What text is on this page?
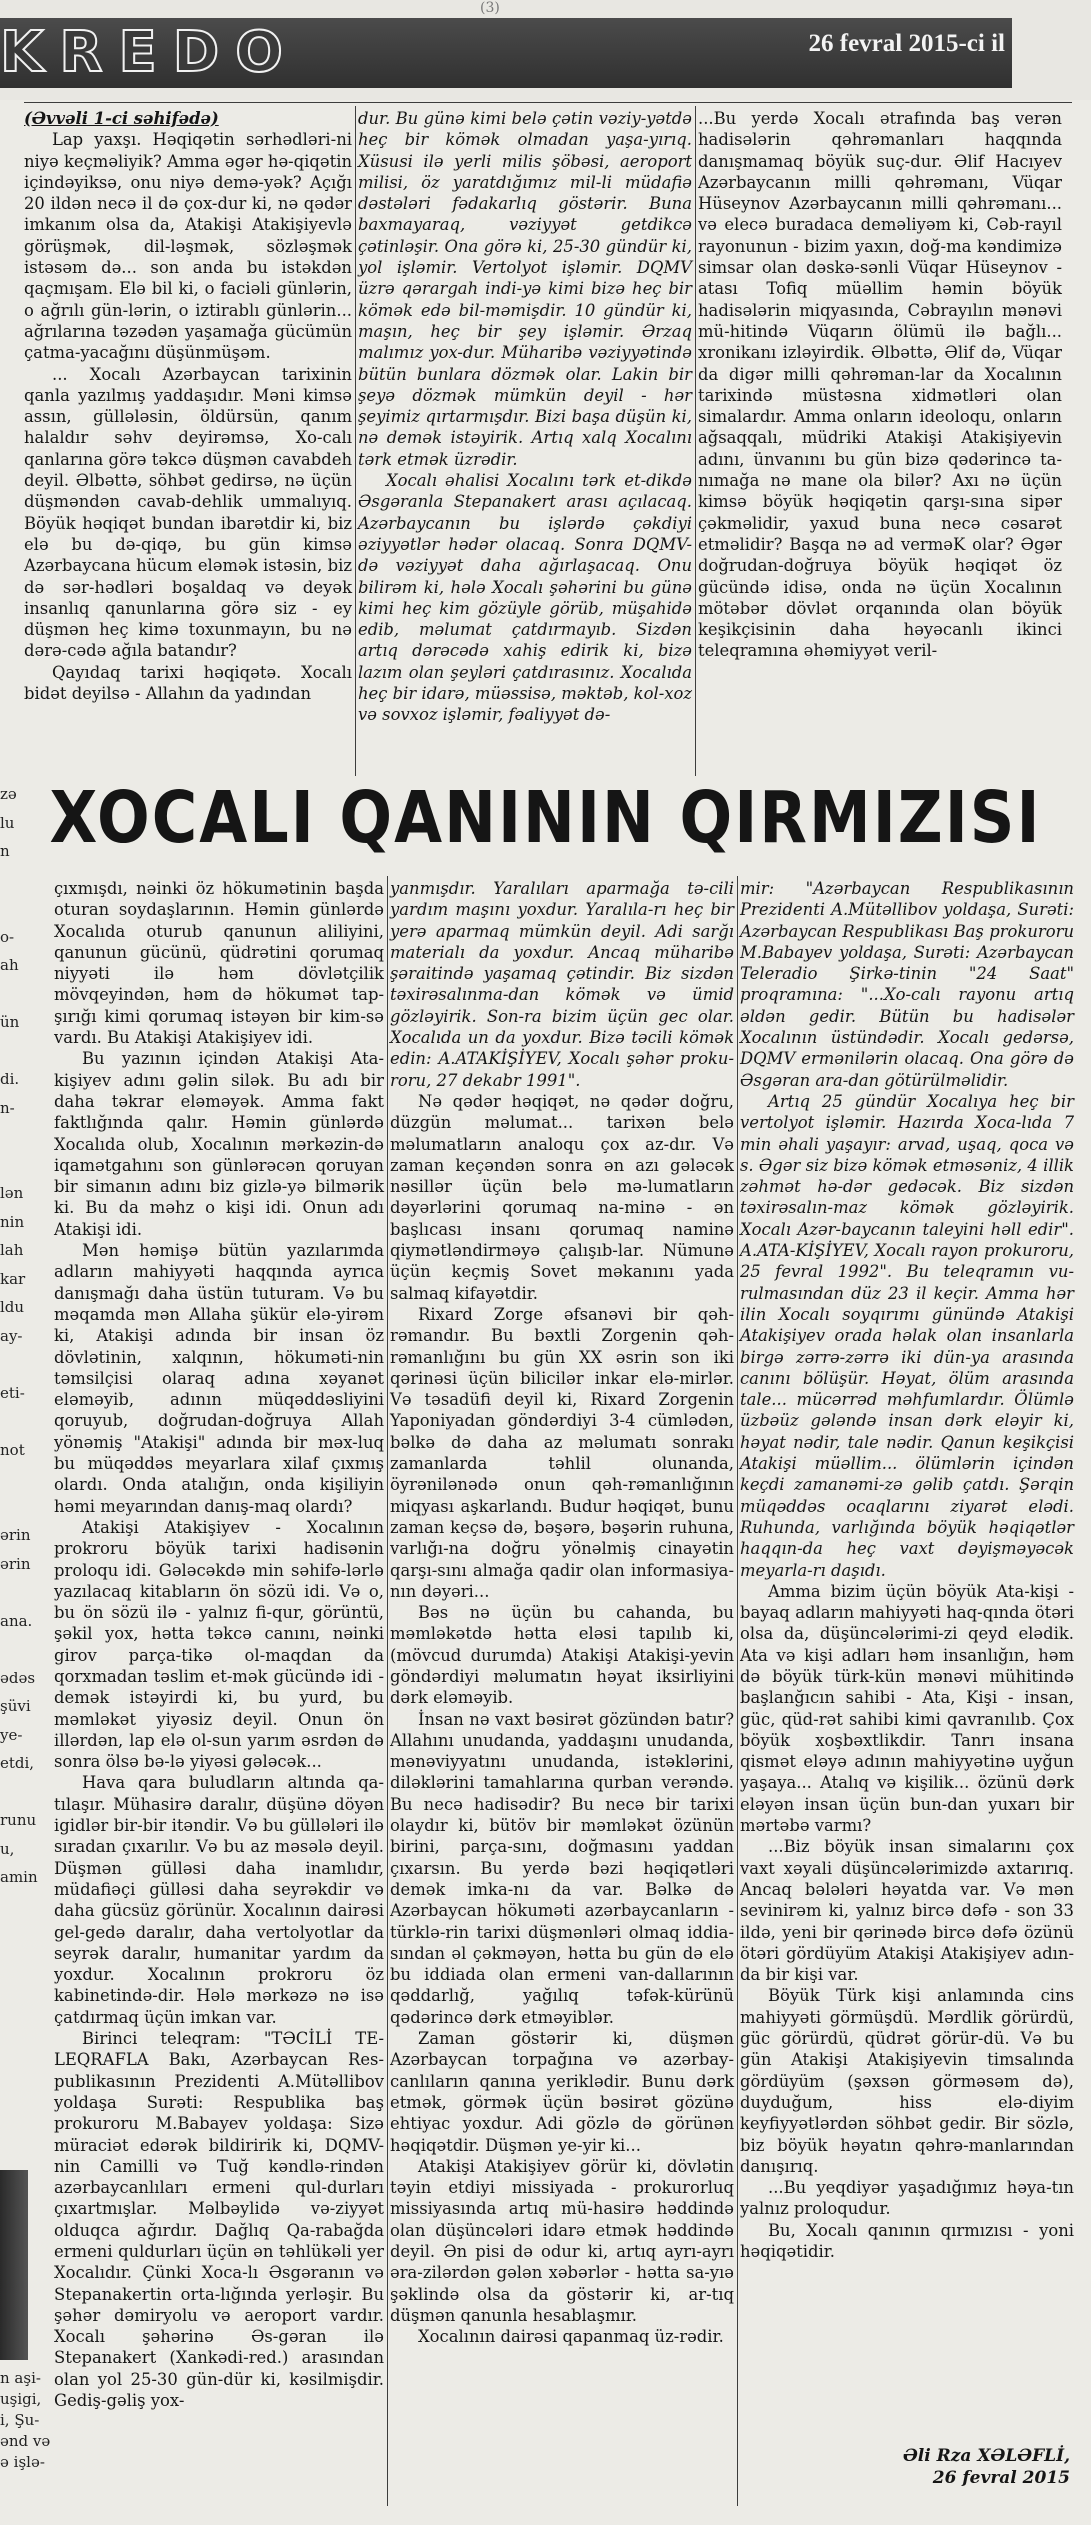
(3)
KREDO	26 fevral 2015-ci il
zə
lu
n
o-
ah
ün
di.
n-
lən
nin
lah
kar
ldu
ay-
eti-
not
ərin
ərin
ana.
ədəs
şüvi
ye-
etdi,
runu
u,
amin
n aşi-
uşigi,
i, Şu-
ənd və
ə işlə-

(Əvvəli 1-ci səhifədə)

Lap yaxşı. Həqiqətin sərhədləri-ni niyə keçməliyik? Amma əgər hə-qiqətin içindəyiksə, onu niyə demə-yək? Açığı 20 ildən necə il də çox-dur ki, nə qədər imkanım olsa da, Atakişi Atakişiyevlə görüşmək, dil-ləşmək, sözləşmək istəsəm də... son anda bu istəkdən qaçmışam. Elə bil ki, o faciəli günlərin, o ağrılı gün-lərin, o iztirablı günlərin... ağrılarına təzədən yaşamağa gücümün çatma-yacağını düşünmüşəm.

... Xocalı Azərbaycan tarixinin qanla yazılmış yaddaşıdır. Məni kimsə assın, güllələsin, öldürsün, qanım halaldır səhv deyirəmsə, Xo-calı qanlarına görə təkcə düşmən cavabdeh deyil. Əlbəttə, söhbət gedirsə, nə üçün düşməndən cavab-dehlik ummalıyıq. Böyük həqiqət bundan ibarətdir ki, biz elə bu də-qiqə, bu gün kimsə Azərbaycana hücum eləmək istəsin, biz də sər-hədləri boşaldaq və deyək insanlıq qanunlarına görə siz - ey düşmən heç kimə toxunmayın, bu nə dərə-cədə ağıla batandır?

Qayıdaq tarixi həqiqətə. Xocalı bidət deyilsə - Allahın da yadından

dur. Bu günə kimi belə çətin vəziy-yətdə heç bir kömək olmadan yaşa-yırıq. Xüsusi ilə yerli milis şöbəsi, aeroport milisi, öz yaratdığımız mil-li müdafiə dəstələri fədakarlıq göstərir. Buna baxmayaraq, vəziyyət getdikcə çətinləşir. Ona görə ki, 25-30 gündür ki, yol işləmir. Vertolyot işləmir. DQMV üzrə qərargah indi-yə kimi bizə heç bir kömək edə bil-məmişdir. 10 gündür ki, maşın, heç bir şey işləmir. Ərzaq malımız yox-dur. Müharibə vəziyyətində bütün bunlara dözmək olar. Lakin bir şeyə dözmək mümkün deyil - hər şeyimiz qırtarmışdır. Bizi başa düşün ki, nə demək istəyirik. Artıq xalq Xocalını tərk etmək üzrədir.

Xocalı əhalisi Xocalını tərk et-dikdə Əsgəranla Stepanakert arası açılacaq. Azərbaycanın bu işlərdə çəkdiyi əziyyətlər hədər olacaq. Sonra DQMV-də vəziyyət daha ağırlaşacaq. Onu bilirəm ki, hələ Xocalı şəhərini bu günə kimi heç kim gözüyle görüb, müşahidə edib, məlumat çatdırmayıb. Sizdən artıq dərəcədə xahiş edirik ki, bizə lazım olan şeyləri çatdırasınız. Xocalıda heç bir idarə, müəssisə, məktəb, kol-xoz və sovxoz işləmir, fəaliyyət də-

...Bu yerdə Xocalı ətrafında baş verən hadisələrin qəhrəmanları haqqında danışmamaq böyük suç-dur. Əlif Hacıyev Azərbaycanın milli qəhrəmanı, Vüqar Hüseynov Azərbaycanın milli qəhrəmanı... və elecə buradaca deməliyəm ki, Cəb-rayıl rayonunun - bizim yaxın, doğ-ma kəndimizə simsar olan dəskə-sənli Vüqar Hüseynov - atası Tofiq müəllim həmin böyük hadisələrin miqyasında, Cəbrayılın mənəvi mü-hitində Vüqarın ölümü ilə bağlı... xronikanı izləyirdik. Əlbəttə, Əlif də, Vüqar da digər milli qəhrəman-lar da Xocalının tarixində müstəsna xidmətləri olan simalardır. Amma onların ideoloqu, onların ağsaqqalı, müdriki Atakişi Atakişiyevin adını, ünvanını bu gün bizə qədərincə ta-nımağa nə mane ola bilər? Axı nə üçün kimsə böyük həqiqətin qarşı-sına sipər çəkməlidir, yaxud buna necə cəsarət etməlidir? Başqa nə ad verməK olar? Əgər doğrudan-doğruya böyük həqiqət öz gücündə idisə, onda nə üçün Xocalının mötəbər dövlət orqanında olan böyük keşikçisinin daha həyəcanlı ikinci teleqramına əhəmiyyət veril-

XOCALI QANININ QIRMIZISI

çıxmışdı, nəinki öz hökumətinin başda oturan soydaşlarının. Həmin günlərdə Xocalıda oturub qanunun aliliyini, qanunun gücünü, qüdrətini qorumaq niyyəti ilə həm dövlətçilik mövqeyindən, həm də hökumət tap-şırığı kimi qorumaq istəyən bir kim-sə vardı. Bu Atakişi Atakişiyev idi.

Bu yazının içindən Atakişi Ata-kişiyev adını gəlin silək. Bu adı bir daha təkrar eləməyək. Amma fakt faktlığında qalır. Həmin günlərdə Xocalıda olub, Xocalının mərkəzin-də iqamətgahını son günlərəcən qoruyan bir simanın adını biz gizlə-yə bilmərik ki. Bu da məhz o kişi idi. Onun adı Atakişi idi.

Mən həmişə bütün yazılarımda adların mahiyyəti haqqında ayrıca danışmağı daha üstün tuturam. Və bu məqamda mən Allaha şükür elə-yirəm ki, Atakişi adında bir insan öz dövlətinin, xalqının, hökuməti-nin təmsilçisi olaraq adına xəyanət eləməyib, adının müqəddəsliyini qoruyub, doğrudan-doğruya Allah yönəmiş "Atakişi" adında bir məx-luq bu müqəddəs meyarlara xilaf çıxmış olardı. Onda atalığın, onda kişiliyin həmi meyarından danış-maq olardı?

Atakişi Atakişiyev - Xocalının prokroru böyük tarixi hadisənin proloqu idi. Gələcəkdə min səhifə-lərlə yazılacaq kitabların ön sözü idi. Və o, bu ön sözü ilə - yalnız fi-qur, görüntü, şəkil yox, hətta təkcə canını, nəinki girov parça-tikə ol-maqdan da qorxmadan təslim et-mək gücündə idi - demək istəyirdi ki, bu yurd, bu məmləkət yiyəsiz deyil. Onun ön illərdən, lap elə ol-sun yarım əsrdən də sonra ölsə bə-lə yiyəsi gələcək...

Hava qara buludların altında qa-tılaşır. Mühasirə daralır, düşünə döyən igidlər bir-bir itəndir. Və bu güllələri ilə sıradan çıxarılır. Və bu az məsələ deyil. Düşmən gülləsi daha inamlıdır, müdafiəçi gülləsi daha seyrəkdir və daha gücsüz görünür. Xocalının dairəsi gel-gedə daralır, daha vertolyotlar da seyrək daralır, humanitar yardım da yoxdur. Xocalının prokroru öz kabinetində-dir. Hələ mərkəzə nə isə çatdırmaq üçün imkan var.

Birinci teleqram: "TƏCİLİ TE-LEQRAFLA Bakı, Azərbaycan Res-publikasının Prezidenti A.Mütəllibov yoldaşa Surəti: Respublika baş prokuroru M.Babayev yoldaşa: Sizə müraciət edərək bildiririk ki, DQMV-nin Camilli və Tuğ kəndlə-rindən azərbaycanlıları ermeni qul-durları çıxartmışlar. Məlbəylidə və-ziyyət olduqca ağırdır. Dağlıq Qa-rabağda ermeni quldurları üçün ən təhlükəli yer Xocalıdır. Çünki Xoca-lı Əsgəranın və Stepanakertin orta-lığında yerləşir. Bu şəhər dəmiryolu və aeroport vardır. Xocalı şəhərinə Əs-gəran ilə Stepanakert (Xankədi-red.) arasından olan yol 25-30 gün-dür ki, kəsilmişdir. Gediş-gəliş yox-

yanmışdır. Yaralıları aparmağa tə-cili yardım maşını yoxdur. Yaralıla-rı heç bir yerə aparmaq mümkün deyil. Adi sarğı materialı da yoxdur. Ancaq müharibə şəraitində yaşamaq çətindir. Biz sizdən təxirəsalınma-dan kömək və ümid gözləyirik. Son-ra bizim üçün gec olar. Xocalıda un da yoxdur. Bizə təcili kömək edin: A.ATAKİŞİYEV, Xocalı şəhər proku-roru, 27 dekabr 1991".

Nə qədər həqiqət, nə qədər doğru, düzgün məlumat... tarixən belə məlumatların analoqu çox az-dır. Və zaman keçəndən sonra ən azı gələcək nəsillər üçün belə mə-lumatların dəyərlərini qorumaq na-minə - ən başlıcası insanı qorumaq naminə qiymətləndirməyə çalışıb-lar. Nümunə üçün keçmiş Sovet məkanını yada salmaq kifayətdir.

Rixard Zorge əfsanəvi bir qəh-rəmandır. Bu bəxtli Zorgenin qəh-rəmanlığını bu gün XX əsrin son iki qərinəsi üçün bilicilər inkar elə-mirlər. Və təsadüfi deyil ki, Rixard Zorgenin Yaponiyadan göndərdiyi 3-4 cümlədən, bəlkə də daha az məlumatı sonrakı zamanlarda təhlil olunanda, öyrənilənədə onun qəh-rəmanlığının miqyası aşkarlandı. Budur həqiqət, bunu zaman keçsə də, bəşərə, bəşərin ruhuna, varlığı-na doğru yönəlmiş cinayətin qarşı-sını almağa qadir olan informasiya-nın dəyəri...

Bəs nə üçün bu cahanda, bu məmləkətdə hətta eləsi tapılıb ki, (mövcud durumda) Atakişi Atakişi-yevin göndərdiyi məlumatın həyat iksirliyini dərk eləməyib.

İnsan nə vaxt bəsirət gözündən batır? Allahını unudanda, yaddaşını unudanda, mənəviyyatını unudanda, istəklərini, diləklərini tamahlarına qurban verəndə. Bu necə hadisədir? Bu necə bir tarixi olaydır ki, bütöv bir məmləkət özünün birini, parça-sını, doğmasını yaddan çıxarsın. Bu yerdə bəzi həqiqətləri demək imka-nı da var. Bəlkə də Azərbaycan hökuməti azərbaycanların - türklə-rin tarixi düşmənləri olmaq iddia-sından əl çəkməyən, hətta bu gün də elə bu iddiada olan ermeni van-dallarının qəddarlığ, yağılıq təfək-kürünü qədərincə dərk etməyiblər.

Zaman göstərir ki, düşmən Azərbaycan torpağına və azərbay-canlıların qanına yeriklədir. Bunu dərk etmək, görmək üçün bəsirət gözünə ehtiyac yoxdur. Adi gözlə də görünən həqiqətdir. Düşmən ye-yir ki...

Atakişi Atakişiyev görür ki, dövlətin təyin etdiyi missiyada - prokurorluq missiyasında artıq mü-hasirə həddində olan düşüncələri idarə etmək həddində deyil. Ən pisi də odur ki, artıq ayrı-ayrı əra-zilərdən gələn xəbərlər - hətta sa-yıə şəklində olsa da göstərir ki, ar-tıq düşmən qanunla hesablaşmır.

Xocalının dairəsi qapanmaq üz-rədir.

mir: "Azərbaycan Respublikasının Prezidenti A.Mütəllibov yoldaşa, Surəti: Azərbaycan Respublikası Baş prokuroru M.Babayev yoldaşa, Surəti: Azərbaycan Teleradio Şirkə-tinin "24 Saat" proqramına: "...Xo-calı rayonu artıq əldən gedir. Bütün bu hadisələr Xocalının üstündədir. Xocalı gedərsə, DQMV ermənilərin olacaq. Ona görə də Əsgəran ara-dan götürülməlidir.

Artıq 25 gündür Xocalıya heç bir vertolyot işləmir. Hazırda Xoca-lıda 7 min əhali yaşayır: arvad, uşaq, qoca və s. Əgər siz bizə kömək etməsəniz, 4 illik zəhmət hə-dər gedəcək. Biz sizdən təxirəsalın-maz kömək gözləyirik. Xocalı Azər-baycanın taleyini həll edir". A.ATA-KİŞİYEV, Xocalı rayon prokuroru, 25 fevral 1992". Bu teleqramın vu-rulmasından düz 23 il keçir. Amma hər ilin Xocalı soyqırımı günündə Atakişi Atakişiyev orada həlak olan insanlarla birgə zərrə-zərrə iki dün-ya arasında canını bölüşür. Həyat, ölüm arasında tale... mücərrəd məhfumlardır. Ölümlə üzbəüz gələndə insan dərk eləyir ki, həyat nədir, tale nədir. Qanun keşikçisi Atakişi müəllim... ölümlərin içindən keçdi zamanəmi-zə gəlib çatdı. Şərqin müqəddəs ocaqlarını ziyarət elədi. Ruhunda, varlığında böyük həqiqətlər haqqın-da heç vaxt dəyişməyəcək meyarla-rı daşıdı.

Amma bizim üçün böyük Ata-kişi - bayaq adların mahiyyəti haq-qında ötəri olsa da, düşüncələrimi-zi qeyd elədik. Ata və kişi adları həm insanlığın, həm də böyük türk-kün mənəvi mühitində başlanğıcın sahibi - Ata, Kişi - insan, güc, qüd-rət sahibi kimi qavranılıb. Çox böyük xoşbəxtlikdir. Tanrı insana qismət eləyə adının mahiyyətinə uyğun yaşaya... Atalıq və kişilik... özünü dərk eləyən insan üçün bun-dan yuxarı bir mərtəbə varmı?

...Biz böyük insan simalarını çox vaxt xəyali düşüncələrimizdə axtarırıq. Ancaq bələləri həyatda var. Və mən sevinirəm ki, yalnız bircə dəfə - son 33 ildə, yeni bir qərinədə bircə dəfə özünü ötəri gördüyüm Atakişi Atakişiyev adın-da bir kişi var.

Böyük Türk kişi anlamında cins mahiyyəti görmüşdü. Mərdlik görürdü, güc görürdü, qüdrət görür-dü. Və bu gün Atakişi Atakişiyevin timsalında gördüyüm (şəxsən görməsəm də), duyduğum, hiss elə-diyim keyfiyyətlərdən söhbət gedir. Bir sözlə, biz böyük həyatın qəhrə-manlarından danışırıq.

...Bu yeqdiyər yaşadığımız həya-tın yalnız proloqudur.

Bu, Xocalı qanının qırmızısı - yoni həqiqətidir.

Əli Rza XƏLƏFLİ,
26 fevral 2015
